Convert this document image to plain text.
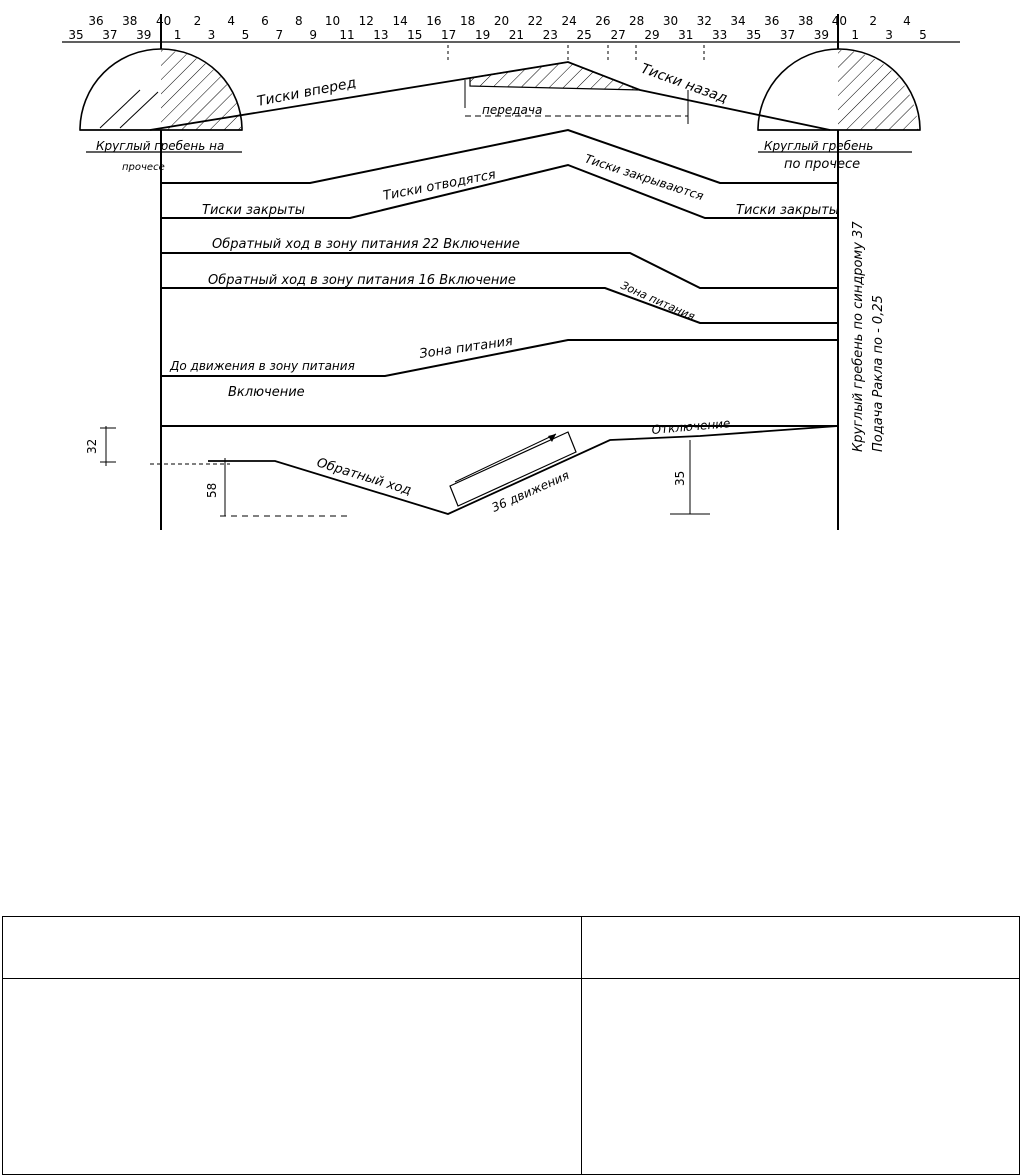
36 38 40 2 4 6 8 10 12 14 16 18 20 22 24 26 28 30 32 34 36 38 40 2 4
35 37 39 1 3 5 7 9 11 13 15 17 19 21 23 25 27 29 31 33 35 37 39 1 3 5
Тиски вперед	Тиски назад
передача
Круглый гребень на
прочесе
Круглый гребень
по прочесе
Тиски отводятся	Тиски закрываются
Тиски закрыты	Тиски закрыты
Обратный ход в зону питания 22 Включение
Обратный ход в зону питания 16 Включение	Зона питания
Зона питания
До движения в зону питания
Включение
Обратный ход	36 движения
Отключение
58
32
35
Круглый гребень по синдрому 37 Подача Ракла по - 0,25
